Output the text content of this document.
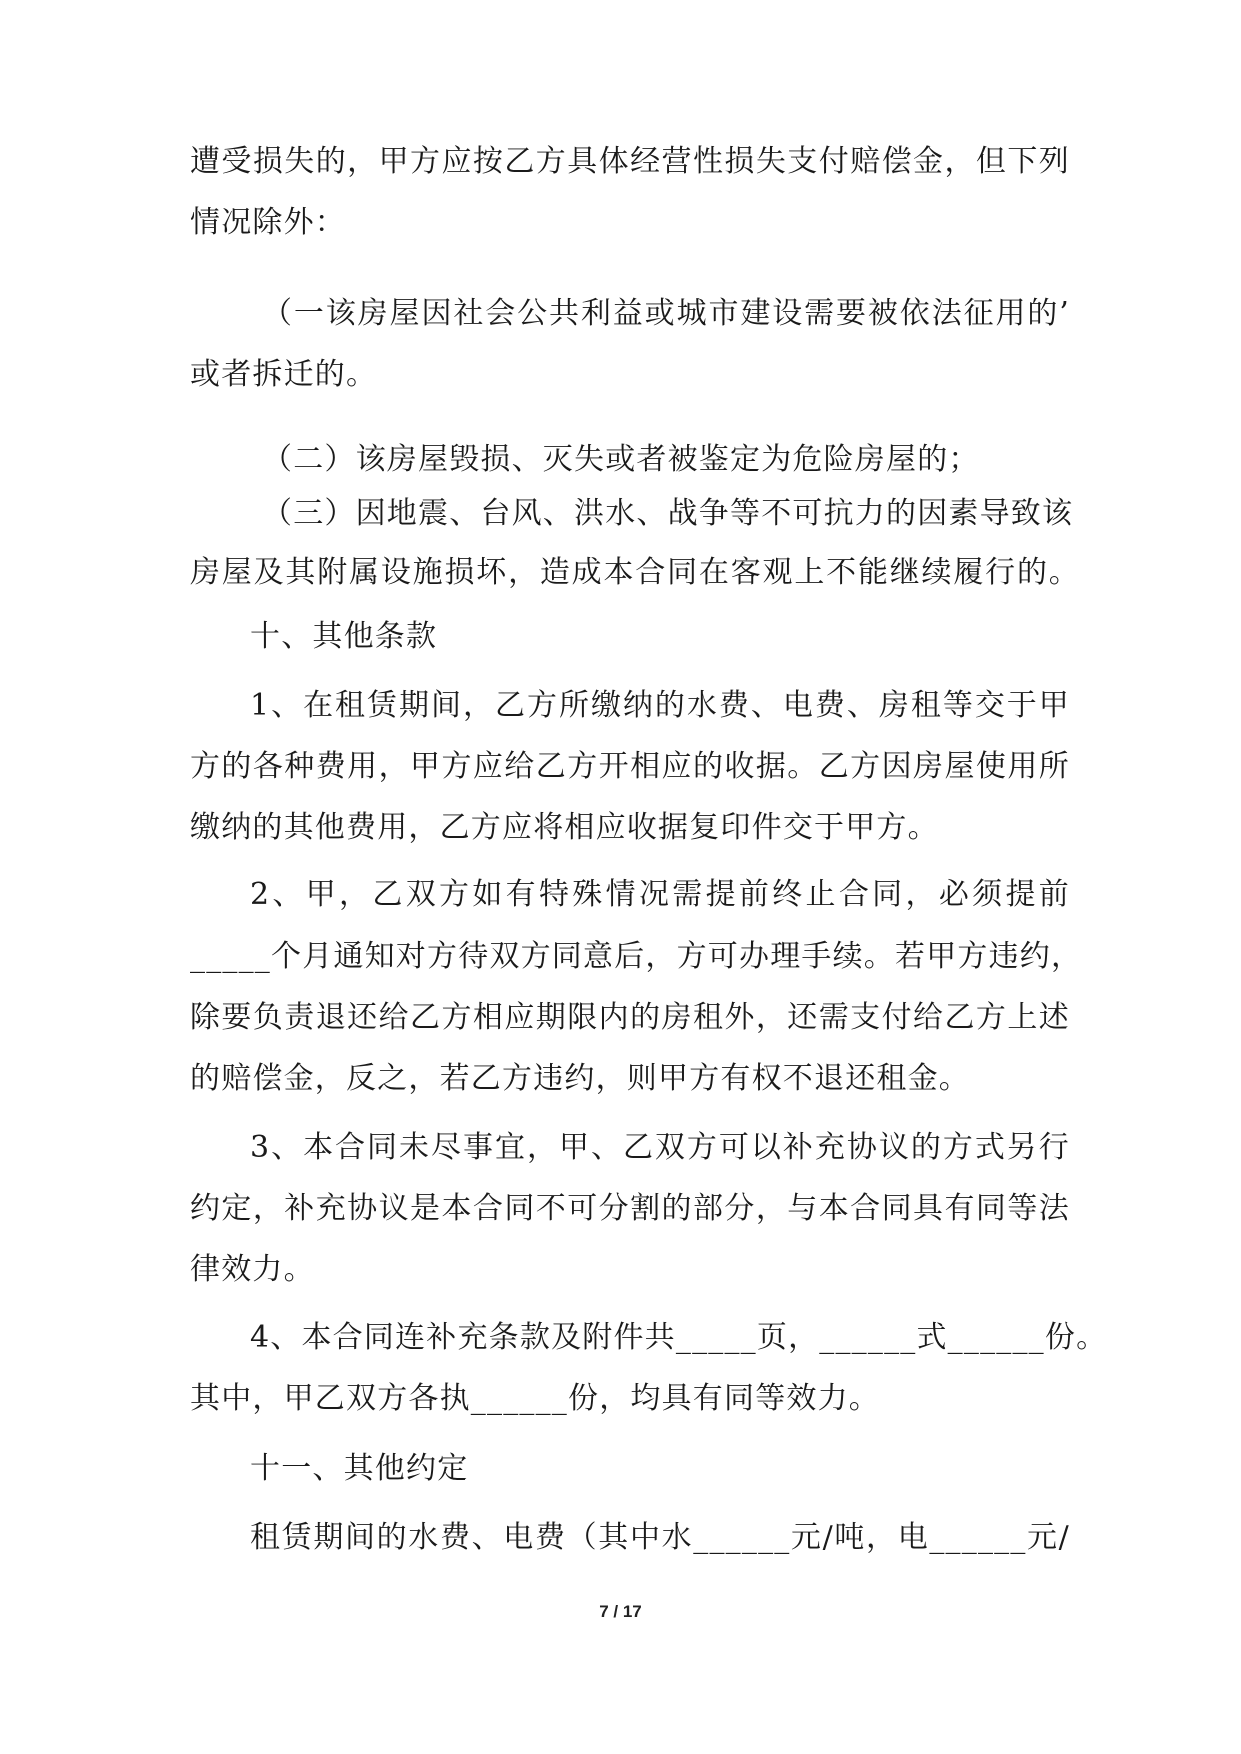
遭受损失的，甲方应按乙方具体经营性损失支付赔偿金，但下列
情况除外：
（一该房屋因社会公共利益或城市建设需要被依法征用的’
或者拆迁的。
（二）该房屋毁损、灭失或者被鉴定为危险房屋的；
（三）因地震、台风、洪水、战争等不可抗力的因素导致该
房屋及其附属设施损坏，造成本合同在客观上不能继续履行的。
十、其他条款
1、在租赁期间，乙方所缴纳的水费、电费、房租等交于甲
方的各种费用，甲方应给乙方开相应的收据。乙方因房屋使用所
缴纳的其他费用，乙方应将相应收据复印件交于甲方。
2、甲，乙双方如有特殊情况需提前终止合同，必须提前
_____个月通知对方待双方同意后，方可办理手续。若甲方违约，
除要负责退还给乙方相应期限内的房租外，还需支付给乙方上述
的赔偿金，反之，若乙方违约，则甲方有权不退还租金。
3、本合同未尽事宜，甲、乙双方可以补充协议的方式另行
约定，补充协议是本合同不可分割的部分，与本合同具有同等法
律效力。
4、本合同连补充条款及附件共_____页，______式______份。
其中，甲乙双方各执______份，均具有同等效力。
十一、其他约定
租赁期间的水费、电费（其中水______元/吨，电______元/
7 / 17
